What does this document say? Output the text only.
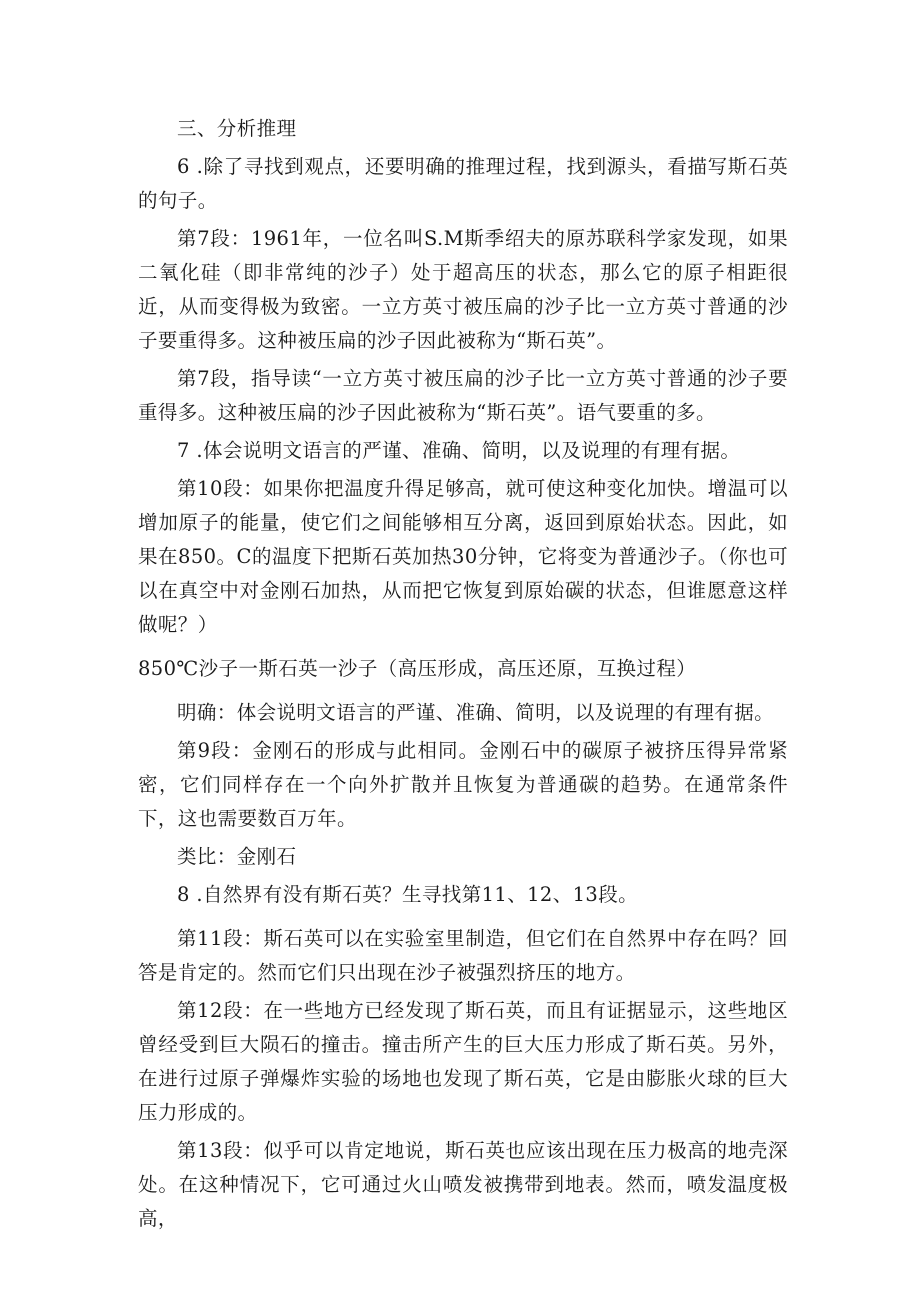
三、分析推理

6 .除了寻找到观点，还要明确的推理过程，找到源头，看描写斯石英的句子。

第7段：1961年，一位名叫S.M斯季绍夫的原苏联科学家发现，如果二氧化硅（即非常纯的沙子）处于超高压的状态，那么它的原子相距很近，从而变得极为致密。一立方英寸被压扁的沙子比一立方英寸普通的沙子要重得多。这种被压扁的沙子因此被称为“斯石英”。

第7段，指导读“一立方英寸被压扁的沙子比一立方英寸普通的沙子要重得多。这种被压扁的沙子因此被称为“斯石英”。语气要重的多。

7 .体会说明文语言的严谨、准确、简明，以及说理的有理有据。

第10段：如果你把温度升得足够高，就可使这种变化加快。增温可以增加原子的能量，使它们之间能够相互分离，返回到原始状态。因此，如果在850。C的温度下把斯石英加热30分钟，它将变为普通沙子。（你也可以在真空中对金刚石加热，从而把它恢复到原始碳的状态，但谁愿意这样做呢？）

850℃沙子一斯石英一沙子（高压形成，高压还原，互换过程）

明确：体会说明文语言的严谨、准确、简明，以及说理的有理有据。

第9段：金刚石的形成与此相同。金刚石中的碳原子被挤压得异常紧密，它们同样存在一个向外扩散并且恢复为普通碳的趋势。在通常条件下，这也需要数百万年。

类比：金刚石

8 .自然界有没有斯石英？生寻找第11、12、13段。

第11段：斯石英可以在实验室里制造，但它们在自然界中存在吗？回答是肯定的。然而它们只出现在沙子被强烈挤压的地方。

第12段：在一些地方已经发现了斯石英，而且有证据显示，这些地区曾经受到巨大陨石的撞击。撞击所产生的巨大压力形成了斯石英。另外，在进行过原子弹爆炸实验的场地也发现了斯石英，它是由膨胀火球的巨大压力形成的。

第13段：似乎可以肯定地说，斯石英也应该出现在压力极高的地壳深处。在这种情况下，它可通过火山喷发被携带到地表。然而，喷发温度极高，
